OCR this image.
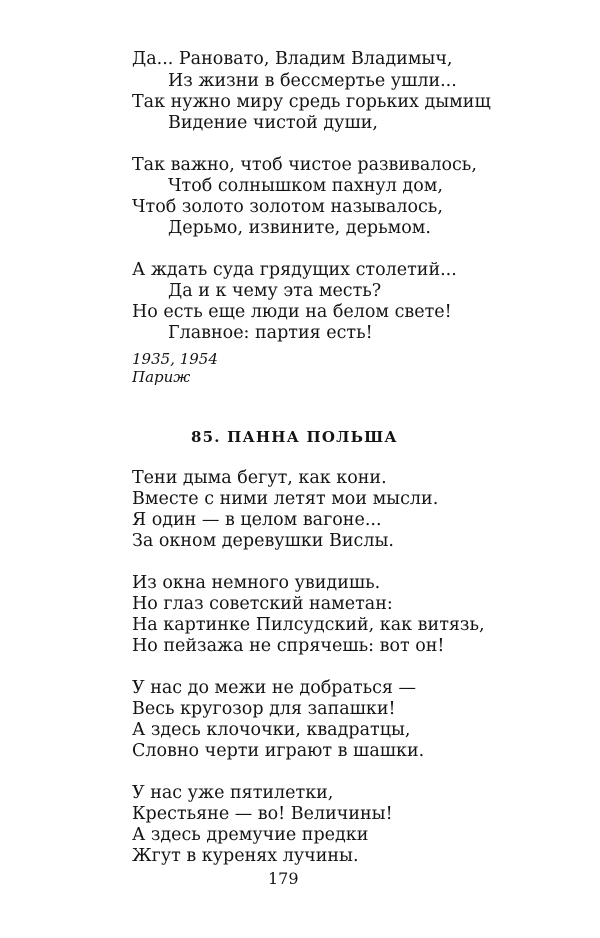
Да... Рановато, Владим Владимыч,
Из жизни в бессмертье ушли...
Так нужно миру средь горьких дымищ
Видение чистой души,
Так важно, чтоб чистое развивалось,
Чтоб солнышком пахнул дом,
Чтоб золото золотом называлось,
Дерьмо, извините, дерьмом.
А ждать суда грядущих столетий...
Да и к чему эта месть?
Но есть еще люди на белом свете!
Главное: партия есть!
1935, 1954
Париж
85. ПАННА ПОЛЬША
Тени дыма бегут, как кони.
Вместе с ними летят мои мысли.
Я один — в целом вагоне...
За окном деревушки Вислы.
Из окна немного увидишь.
Но глаз советский наметан:
На картинке Пилсудский, как витязь,
Но пейзажа не спрячешь: вот он!
У нас до межи не добраться —
Весь кругозор для запашки!
А здесь клочочки, квадратцы,
Словно черти играют в шашки.
У нас уже пятилетки,
Крестьяне — во! Величины!
А здесь дремучие предки
Жгут в куренях лучины.
179
